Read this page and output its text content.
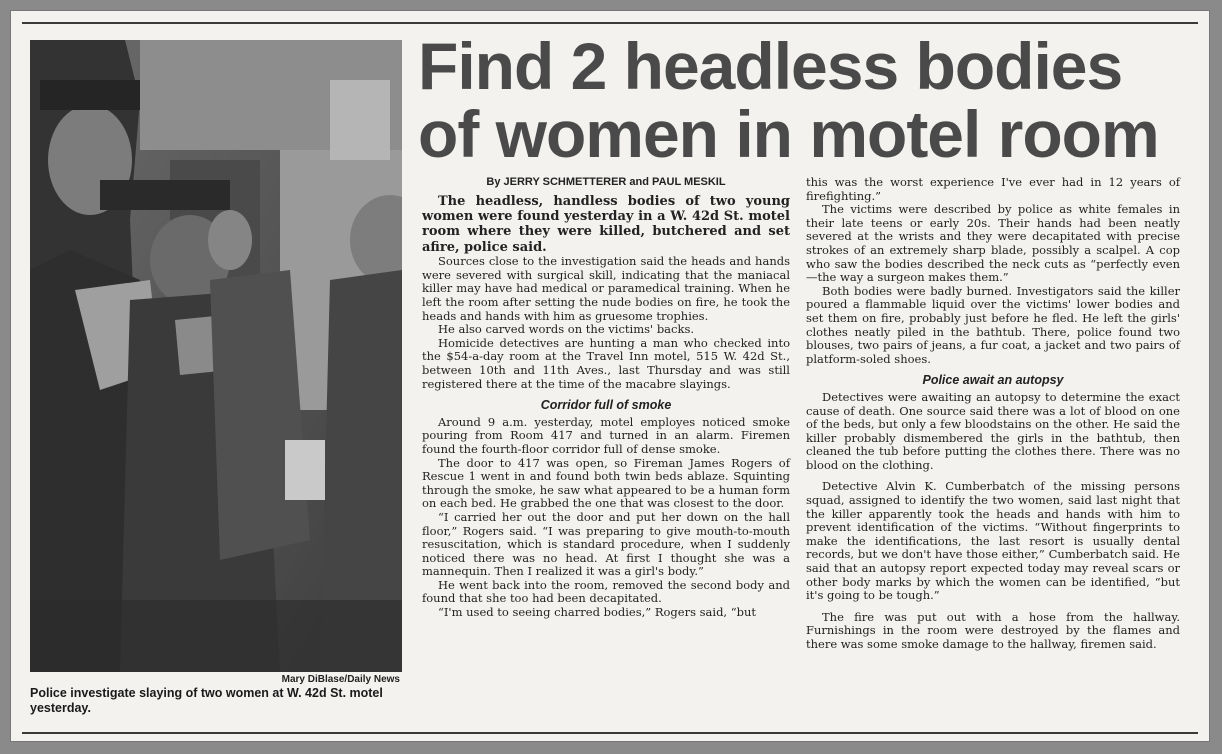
Mary DiBlase/Daily News
Police investigate slaying of two women at W. 42d St. motel yesterday.
Find 2 headless bodies
of women in motel room
By JERRY SCHMETTERER and PAUL MESKIL

The headless, handless bodies of two young women were found yesterday in a W. 42d St. motel room where they were killed, butchered and set afire, police said.

Sources close to the investigation said the heads and hands were severed with surgical skill, indicating that the maniacal killer may have had medical or paramedical training. When he left the room after setting the nude bodies on fire, he took the heads and hands with him as gruesome trophies.

He also carved words on the victims' backs.

Homicide detectives are hunting a man who checked into the $54-a-day room at the Travel Inn motel, 515 W. 42d St., between 10th and 11th Aves., last Thursday and was still registered there at the time of the macabre slayings.

Corridor full of smoke

Around 9 a.m. yesterday, motel employes noticed smoke pouring from Room 417 and turned in an alarm. Firemen found the fourth-floor corridor full of dense smoke.

The door to 417 was open, so Fireman James Rogers of Rescue 1 went in and found both twin beds ablaze. Squinting through the smoke, he saw what appeared to be a human form on each bed. He grabbed the one that was closest to the door.

“I carried her out the door and put her down on the hall floor,” Rogers said. “I was preparing to give mouth-to-mouth resuscitation, which is standard procedure, when I suddenly noticed there was no head. At first I thought she was a mannequin. Then I realized it was a girl's body.”

He went back into the room, removed the second body and found that she too had been decapitated.

“I'm used to seeing charred bodies,” Rogers said, “but

this was the worst experience I've ever had in 12 years of firefighting.”

The victims were described by police as white females in their late teens or early 20s. Their hands had been neatly severed at the wrists and they were decapitated with precise strokes of an extremely sharp blade, possibly a scalpel. A cop who saw the bodies described the neck cuts as “perfectly even—the way a surgeon makes them.”

Both bodies were badly burned. Investigators said the killer poured a flammable liquid over the victims' lower bodies and set them on fire, probably just before he fled. He left the girls' clothes neatly piled in the bathtub. There, police found two blouses, two pairs of jeans, a fur coat, a jacket and two pairs of platform-soled shoes.

Police await an autopsy

Detectives were awaiting an autopsy to determine the exact cause of death. One source said there was a lot of blood on one of the beds, but only a few bloodstains on the other. He said the killer probably dismembered the girls in the bathtub, then cleaned the tub before putting the clothes there. There was no blood on the clothing.

Detective Alvin K. Cumberbatch of the missing persons squad, assigned to identify the two women, said last night that the killer apparently took the heads and hands with him to prevent identification of the victims. “Without fingerprints to make the identifications, the last resort is usually dental records, but we don't have those either,” Cumberbatch said. He said that an autopsy report expected today may reveal scars or other body marks by which the women can be identified, “but it's going to be tough.”

The fire was put out with a hose from the hallway. Furnishings in the room were destroyed by the flames and there was some smoke damage to the hallway, firemen said.
